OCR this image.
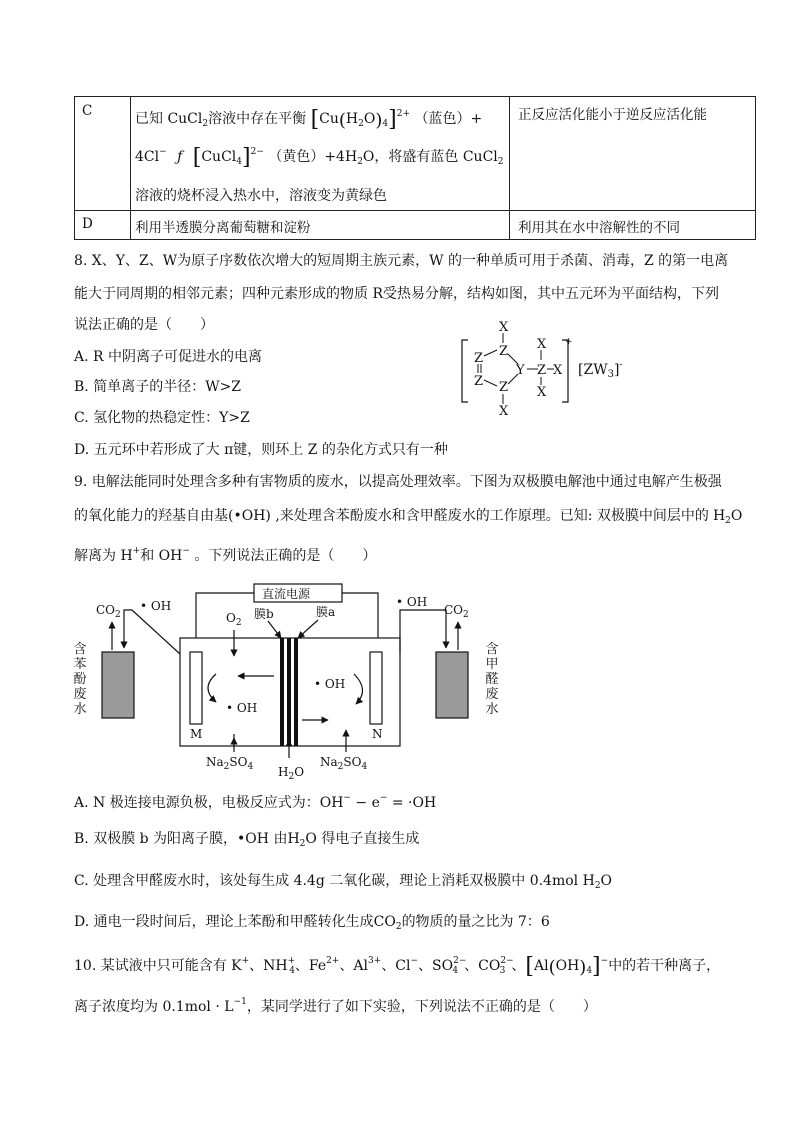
C	已知 CuCl$_2$溶液中存在平衡 $[Cu(H_2O)_4]^{2+}$ （蓝色）+
4Cl− ƒ [CuCl$_4$]$^{2-}$ （黄色）$+4H_2O$，将盛有蓝色 CuCl$_2$
溶液的烧杯浸入热水中，溶液变为黄绿色	正反应活化能小于逆反应活化能
D	利用半透膜分离葡萄糖和淀粉	利用其在水中溶解性的不同
8. X、Y、Z、W为原子序数依次增大的短周期主族元素，W 的一种单质可用于杀菌、消毒，Z 的第一电离
能大于同周期的相邻元素；四种元素形成的物质 R受热易分解，结构如图，其中五元环为平面结构，下列
说法正确的是（　　）
A. R 中阴离子可促进水的电离
B. 简单离子的半径：W>Z
C. 氢化物的热稳定性：Y>Z
D. 五元环中若形成了大 π键，则环上 Z 的杂化方式只有一种
+
X
Z
Z
Z Z
X
Y
X
Z
X
X $[ZW_3]^-$
9. 电解法能同时处理含多种有害物质的废水，以提高处理效率。下图为双极膜电解池中通过电解产生极强
的氧化能力的羟基自由基(•OH) ,来处理含苯酚废水和含甲醛废水的工作原理。已知: 双极膜中间层中的 $H_2O$
解离为 H+和 OH− 。下列说法正确的是（　　）
直流电源
M	N
膜b	膜a
$O_2$
• OH
• OH
$Na_2SO_4$	$Na_2SO_4$
$H_2O$
$CO_2$
• OH	$CO_2$
• OH
含
苯
酚
废
水
含
甲
醛
废
水
A. N 极连接电源负极，电极反应式为：OH− − e− = ·OH
B. 双极膜 b 为阳离子膜，•OH 由$H_2O$ 得电子直接生成
C. 处理含甲醛废水时，该处每生成 4.4g 二氧化碳，理论上消耗双极膜中 0.4mol $H_2O$
D. 通电一段时间后，理论上苯酚和甲醛转化生成$CO_2$的物质的量之比为 7：6
10. 某试液中只可能含有 K+、$NH^+_4$、$Fe^{2+}$、$Al^{3+}$、Cl−、$SO^{2-}_4$ 、$CO^{2-}_3$ 、$[Al(OH)_4]^-$中的若干种离子，
离子浓度均为 $0.1mol \cdot L^{-1}$，某同学进行了如下实验，下列说法不正确的是（　　）
